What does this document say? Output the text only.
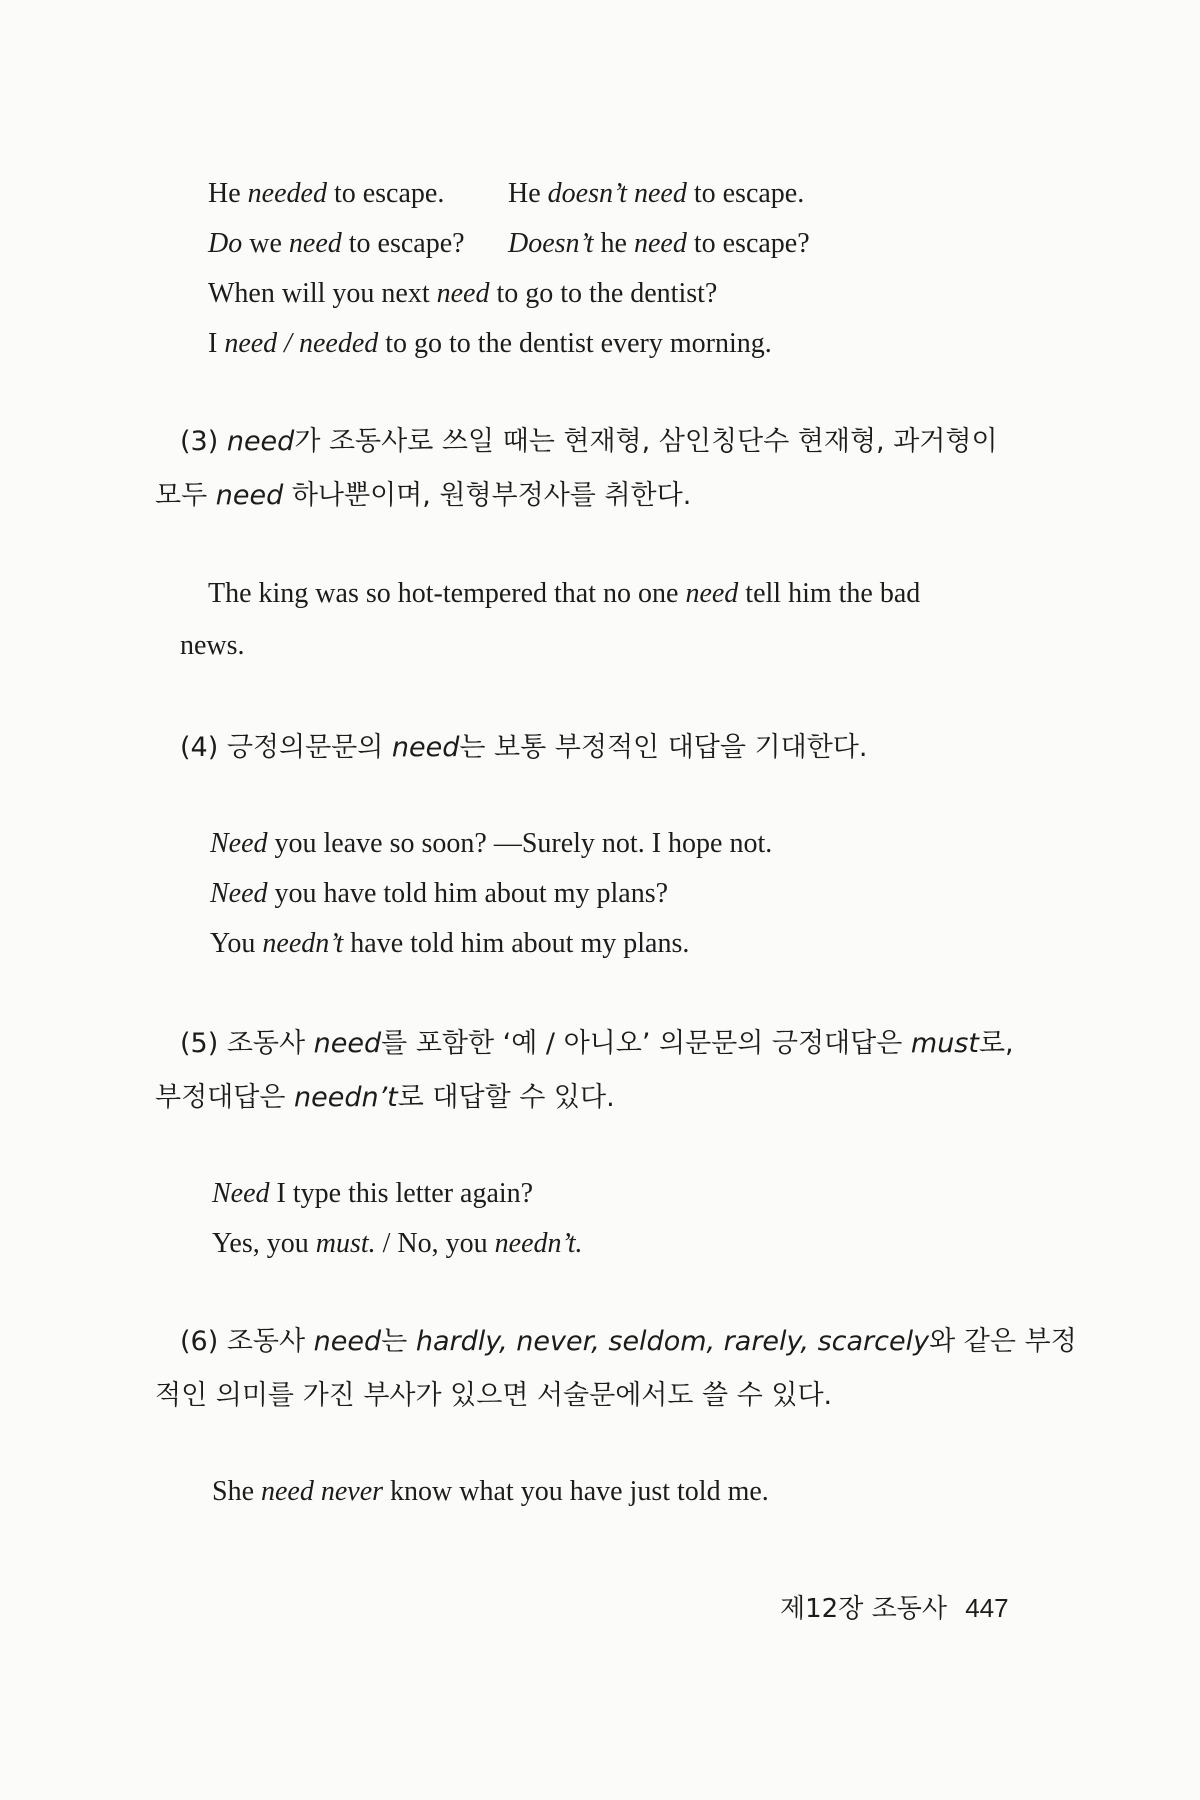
He needed to escape. He doesn’t need to escape.
Do we need to escape? Doesn’t he need to escape?
When will you next need to go to the dentist?
I need / needed to go to the dentist every morning.
(3) need가 조동사로 쓰일 때는 현재형, 삼인칭단수 현재형, 과거형이
모두 need 하나뿐이며, 원형부정사를 취한다.
The king was so hot-tempered that no one need tell him the bad
news.
(4) 긍정의문문의 need는 보통 부정적인 대답을 기대한다.
Need you leave so soon? —Surely not. I hope not.
Need you have told him about my plans?
You needn’t have told him about my plans.
(5) 조동사 need를 포함한 ‘예 / 아니오’ 의문문의 긍정대답은 must로,
부정대답은 needn’t로 대답할 수 있다.
Need I type this letter again?
Yes, you must. / No, you needn’t.
(6) 조동사 need는 hardly, never, seldom, rarely, scarcely와 같은 부정
적인 의미를 가진 부사가 있으면 서술문에서도 쓸 수 있다.
She need never know what you have just told me.
제12장 조동사 447
